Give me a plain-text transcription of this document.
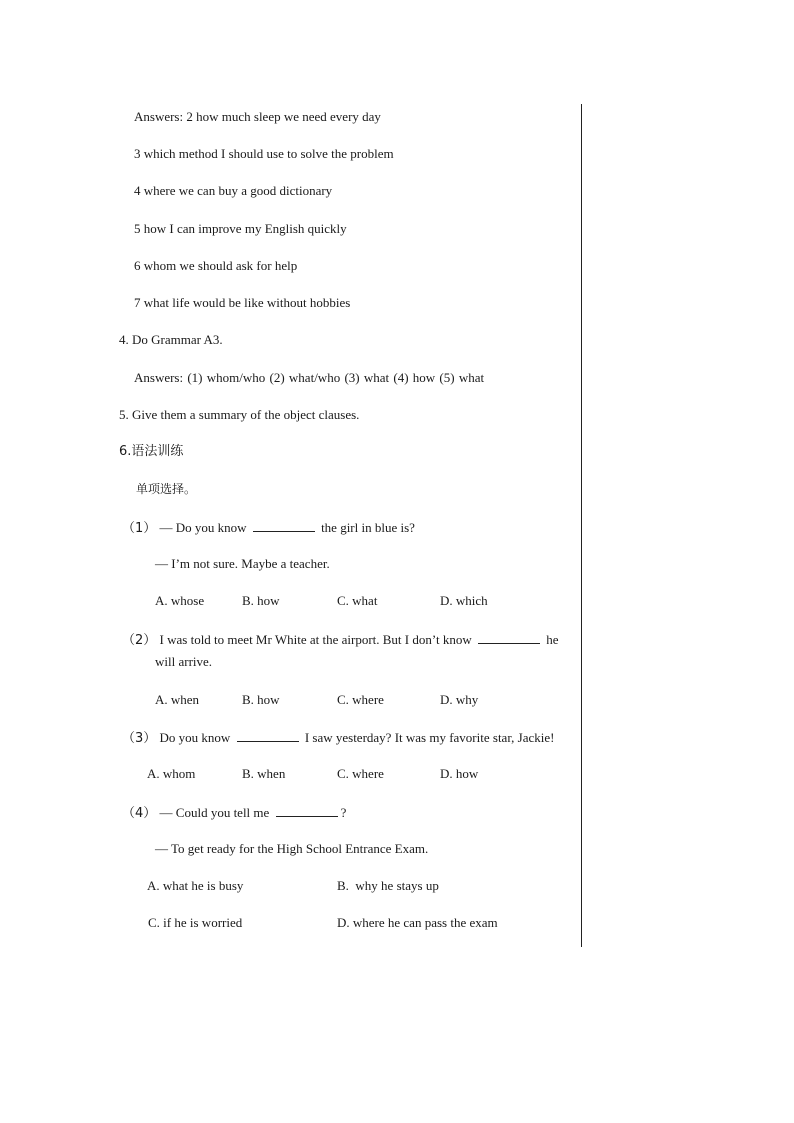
Answers: 2 how much sleep we need every day
3 which method I should use to solve the problem
4 where we can buy a good dictionary
5 how I can improve my English quickly
6 whom we should ask for help
7 what life would be like without hobbies
4. Do Grammar A3.
Answers: (1) whom/who (2) what/who (3) what (4) how (5) what
5. Give them a summary of the object clauses.
6.语法训练
单项选择。
（1） — Do you know	the girl in blue is?
— I’m not sure. Maybe a teacher.
A. whose	B. how	C. what	D. which
（2） I was told to meet Mr White at the airport. But I don’t know	he
will arrive.
A. when	B. how	C. where	D. why
（3） Do you know	I saw yesterday? It was my favorite star, Jackie!
A. whom	B. when	C. where	D. how
（4） — Could you tell me	?
— To get ready for the High School Entrance Exam.
A. what he is busy	B.  why he stays up
C. if he is worried	D. where he can pass the exam
